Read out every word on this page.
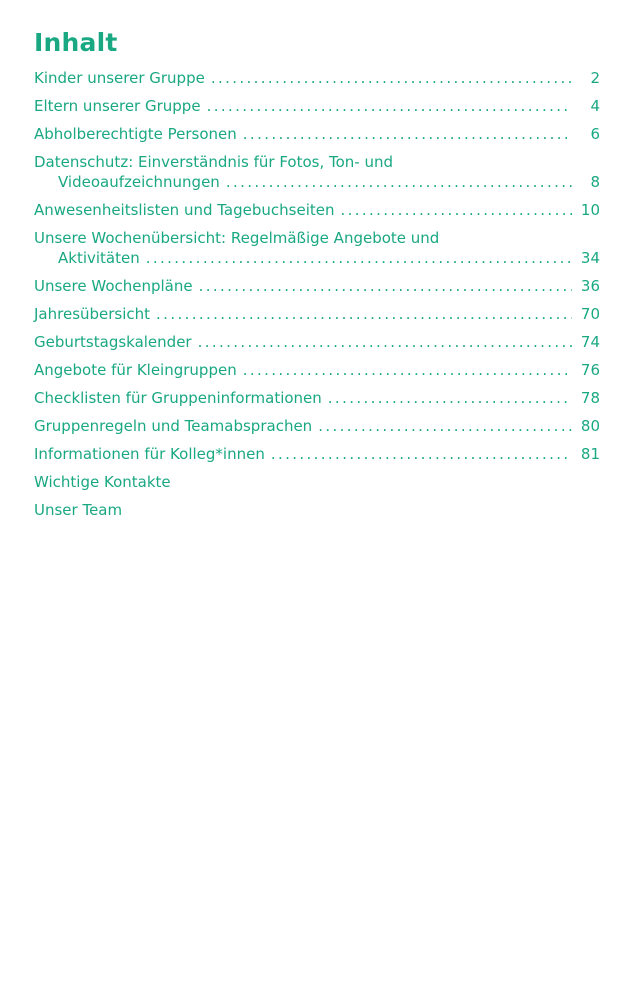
Inhalt
Kinder unserer Gruppe . . .	2
Eltern unserer Gruppe . . .	4
Abholberechtigte Personen . . .	6
Datenschutz: Einverständnis für Fotos, Ton- und
Videoaufzeichnungen . . .	8
Anwesenheitslisten und Tagebuchseiten . . .	10
Unsere Wochenübersicht: Regelmäßige Angebote und
Aktivitäten . . .	34
Unsere Wochenpläne . . .	36
Jahresübersicht . . .	70
Geburtstagskalender . . .	74
Angebote für Kleingruppen . . .	76
Checklisten für Gruppeninformationen . . .	78
Gruppenregeln und Teamabsprachen . . .	80
Informationen für Kolleg*innen . . .	81
Wichtige Kontakte
Unser Team
